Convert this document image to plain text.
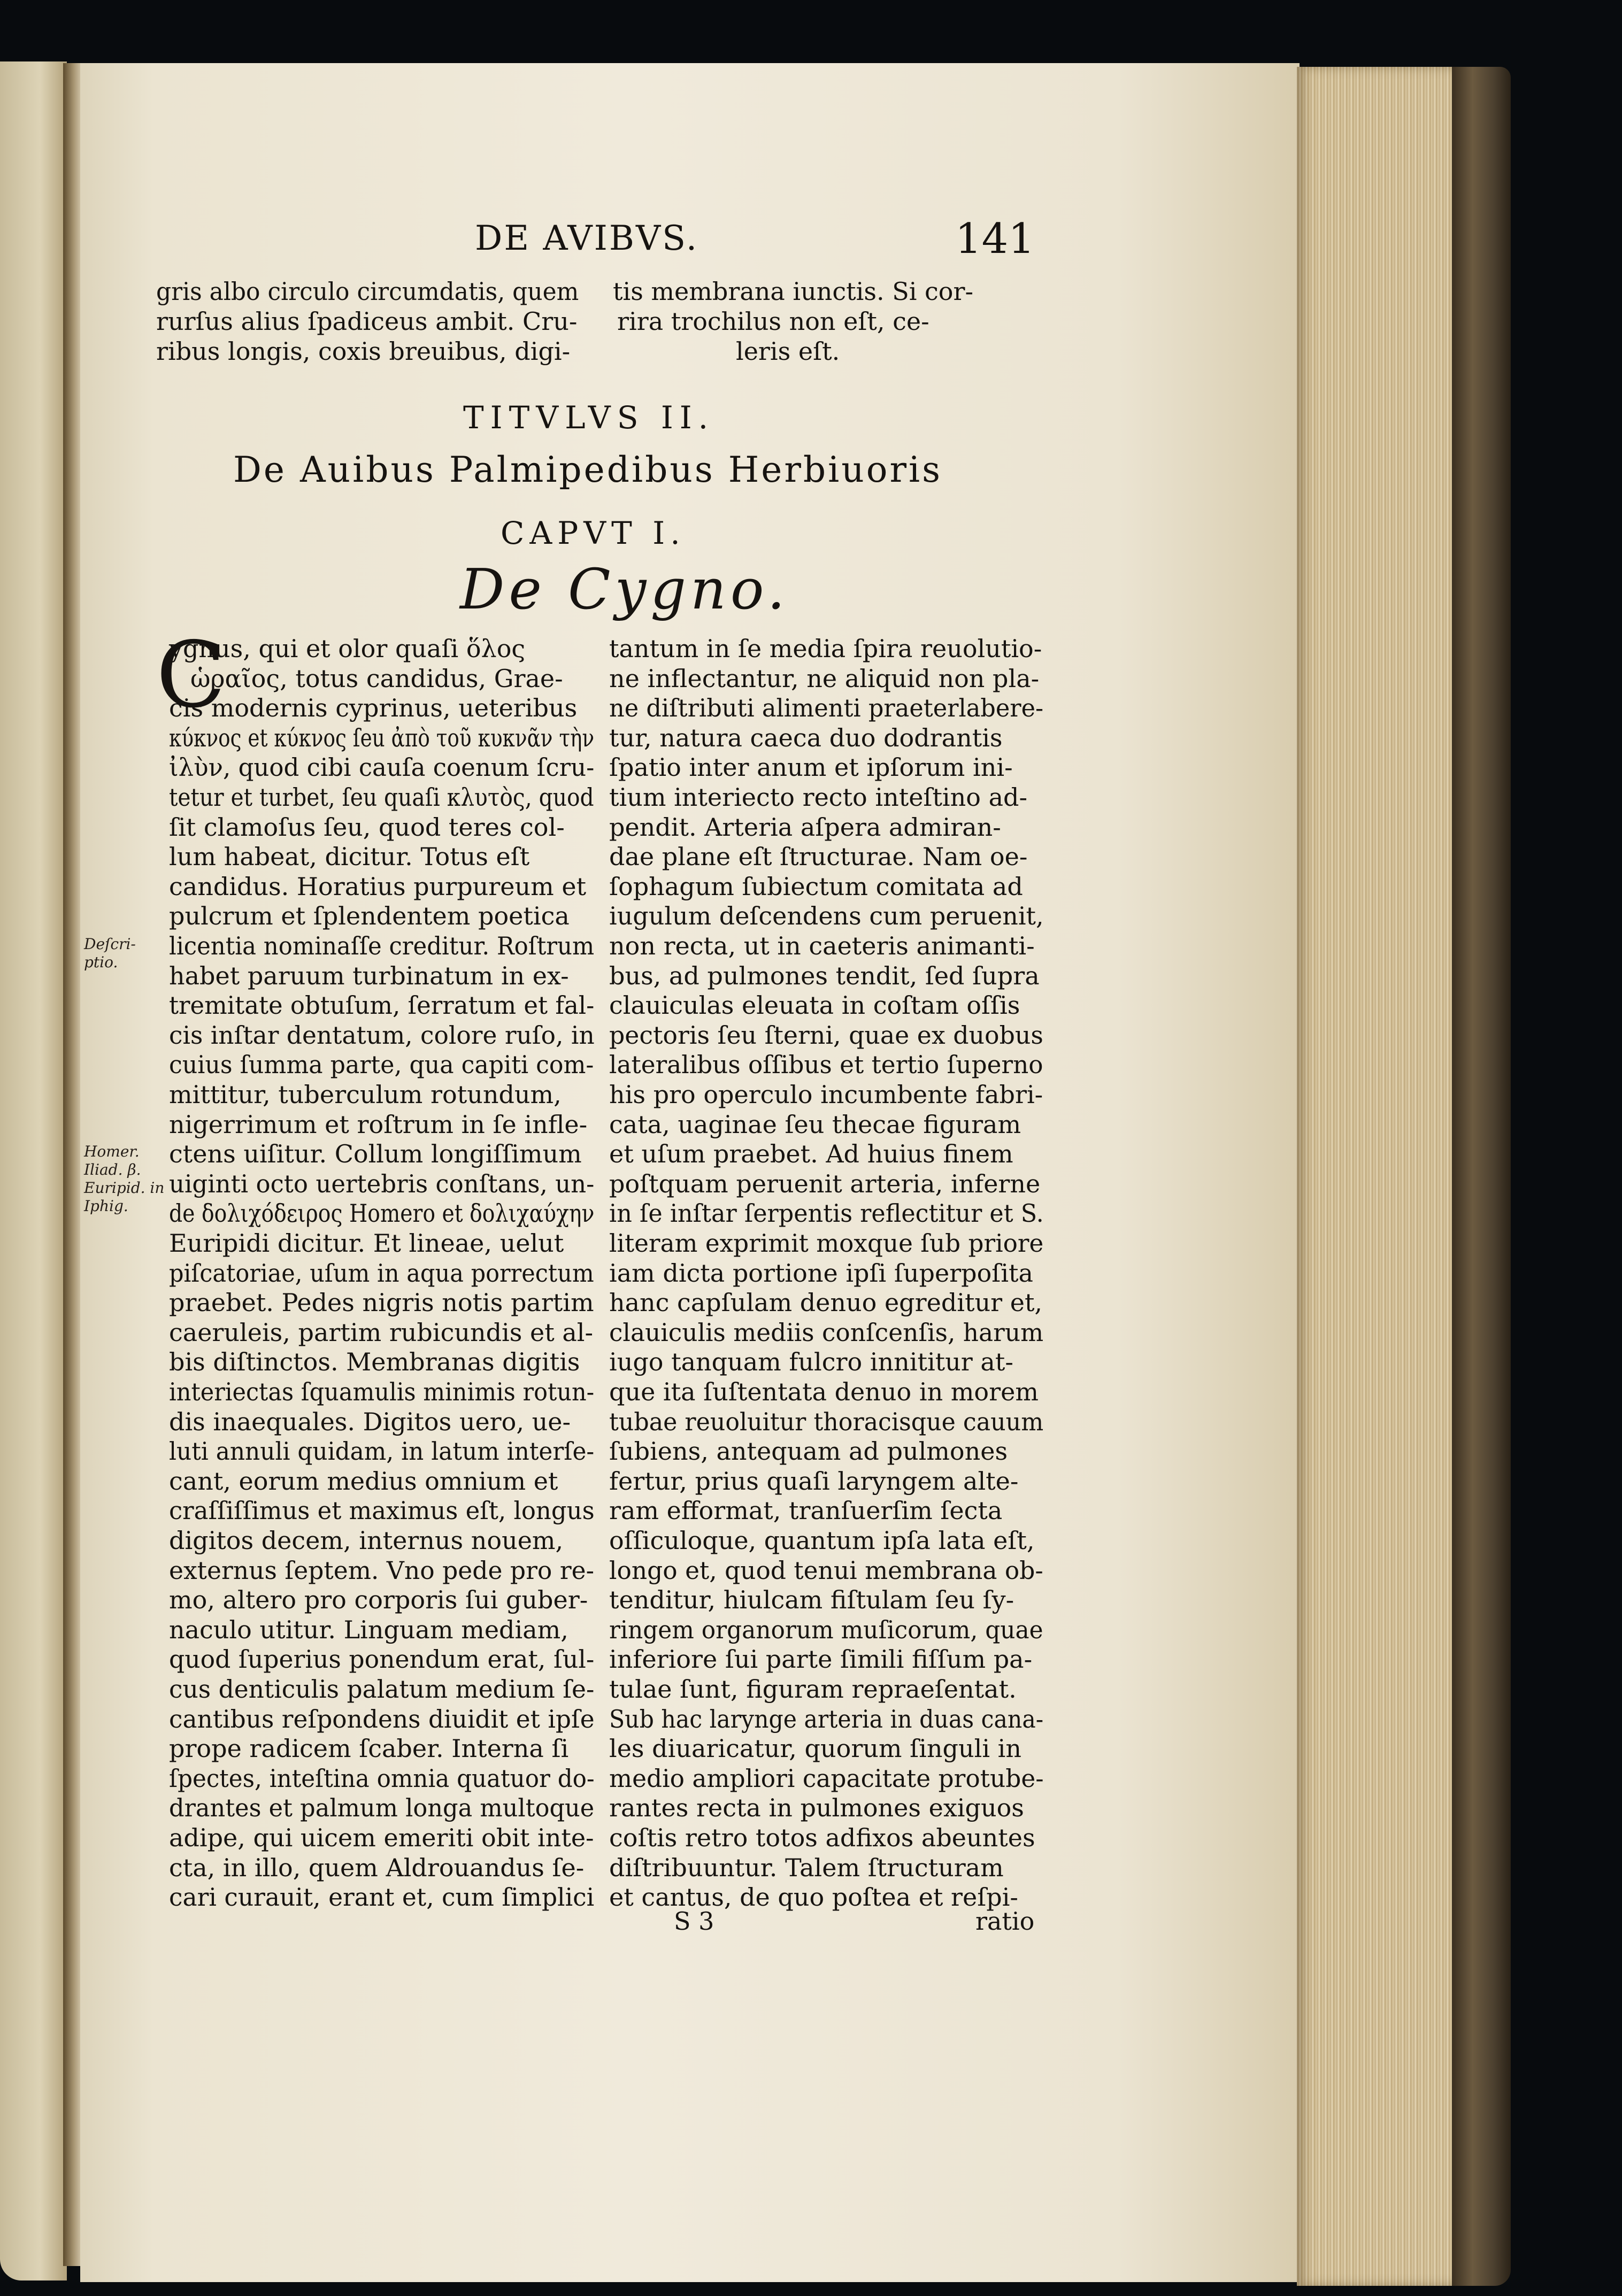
DE AVIBVS.	141
gris albo circulo circumdatis, quem
rurſus alius ſpadiceus ambit. Cru-
ribus longis, coxis breuibus, digi-
tis membrana iunctis. Si cor-
rira trochilus non eſt, ce-
leris eſt.
TITVLVS II.
De Auibus Palmipedibus Herbiuoris
CAPVT I.
De Cygno.
C
ygnus, qui et olor quaſi ὅλος
ὡραῖος, totus candidus, Grae-
cis modernis cyprinus, ueteribus
κύκνος et κύκνος ſeu ἀπὸ τοῦ κυκνᾶν τὴν
ἰλὺν, quod cibi cauſa coenum ſcru-
tetur et turbet, ſeu quaſi κλυτὸς, quod
ſit clamoſus ſeu, quod teres col-
lum habeat, dicitur. Totus eſt
candidus. Horatius purpureum et
pulcrum et ſplendentem poetica
licentia nominaſſe creditur. Roſtrum
habet paruum turbinatum in ex-
tremitate obtuſum, ſerratum et fal-
cis inſtar dentatum, colore ruſo, in
cuius ſumma parte, qua capiti com-
mittitur, tuberculum rotundum,
nigerrimum et roſtrum in ſe infle-
ctens uiſitur. Collum longiſſimum
uiginti octo uertebris conſtans, un-
de δολιχόδειρος Homero et δολιχαύχην
Euripidi dicitur. Et lineae, uelut
piſcatoriae, uſum in aqua porrectum
praebet. Pedes nigris notis partim
caeruleis, partim rubicundis et al-
bis diſtinctos. Membranas digitis
interiectas ſquamulis minimis rotun-
dis inaequales. Digitos uero, ue-
luti annuli quidam, in latum interſe-
cant, eorum medius omnium et
craſſiſſimus et maximus eſt, longus
digitos decem, internus nouem,
externus ſeptem. Vno pede pro re-
mo, altero pro corporis ſui guber-
naculo utitur. Linguam mediam,
quod ſuperius ponendum erat, ſul-
cus denticulis palatum medium ſe-
cantibus reſpondens diuidit et ipſe
prope radicem ſcaber. Interna ſi
ſpectes, inteſtina omnia quatuor do-
drantes et palmum longa multoque
adipe, qui uicem emeriti obit inte-
cta, in illo, quem Aldrouandus ſe-
cari curauit, erant et, cum ſimplici
tantum in ſe media ſpira reuolutio-
ne inflectantur, ne aliquid non pla-
ne diſtributi alimenti praeterlabere-
tur, natura caeca duo dodrantis
ſpatio inter anum et ipſorum ini-
tium interiecto recto inteſtino ad-
pendit. Arteria aſpera admiran-
dae plane eſt ſtructurae. Nam oe-
ſophagum ſubiectum comitata ad
iugulum deſcendens cum peruenit,
non recta, ut in caeteris animanti-
bus, ad pulmones tendit, ſed ſupra
clauiculas eleuata in coſtam oſſis
pectoris ſeu ſterni, quae ex duobus
lateralibus oſſibus et tertio ſuperno
his pro operculo incumbente fabri-
cata, uaginae ſeu thecae figuram
et uſum praebet. Ad huius finem
poſtquam peruenit arteria, inferne
in ſe inſtar ſerpentis reflectitur et S.
literam exprimit moxque ſub priore
iam dicta portione ipſi ſuperpoſita
hanc capſulam denuo egreditur et,
clauiculis mediis conſcenſis, harum
iugo tanquam fulcro innititur at-
que ita ſuſtentata denuo in morem
tubae reuoluitur thoracisque cauum
ſubiens, antequam ad pulmones
fertur, prius quaſi laryngem alte-
ram efformat, tranſuerſim ſecta
oſſiculoque, quantum ipſa lata eſt,
longo et, quod tenui membrana ob-
tenditur, hiulcam fiſtulam ſeu ſy-
ringem organorum muſicorum, quae
inferiore ſui parte ſimili fiſſum pa-
tulae ſunt, figuram repraeſentat.
Sub hac larynge arteria in duas cana-
les diuaricatur, quorum ſinguli in
medio ampliori capacitate protube-
rantes recta in pulmones exiguos
coſtis retro totos adfixos abeuntes
diſtribuuntur. Talem ſtructuram
et cantus, de quo poſtea et reſpi-
Deſcri-
ptio.
Homer.
Iliad. β.
Euripid. in
Iphig.
S 3	ratio
